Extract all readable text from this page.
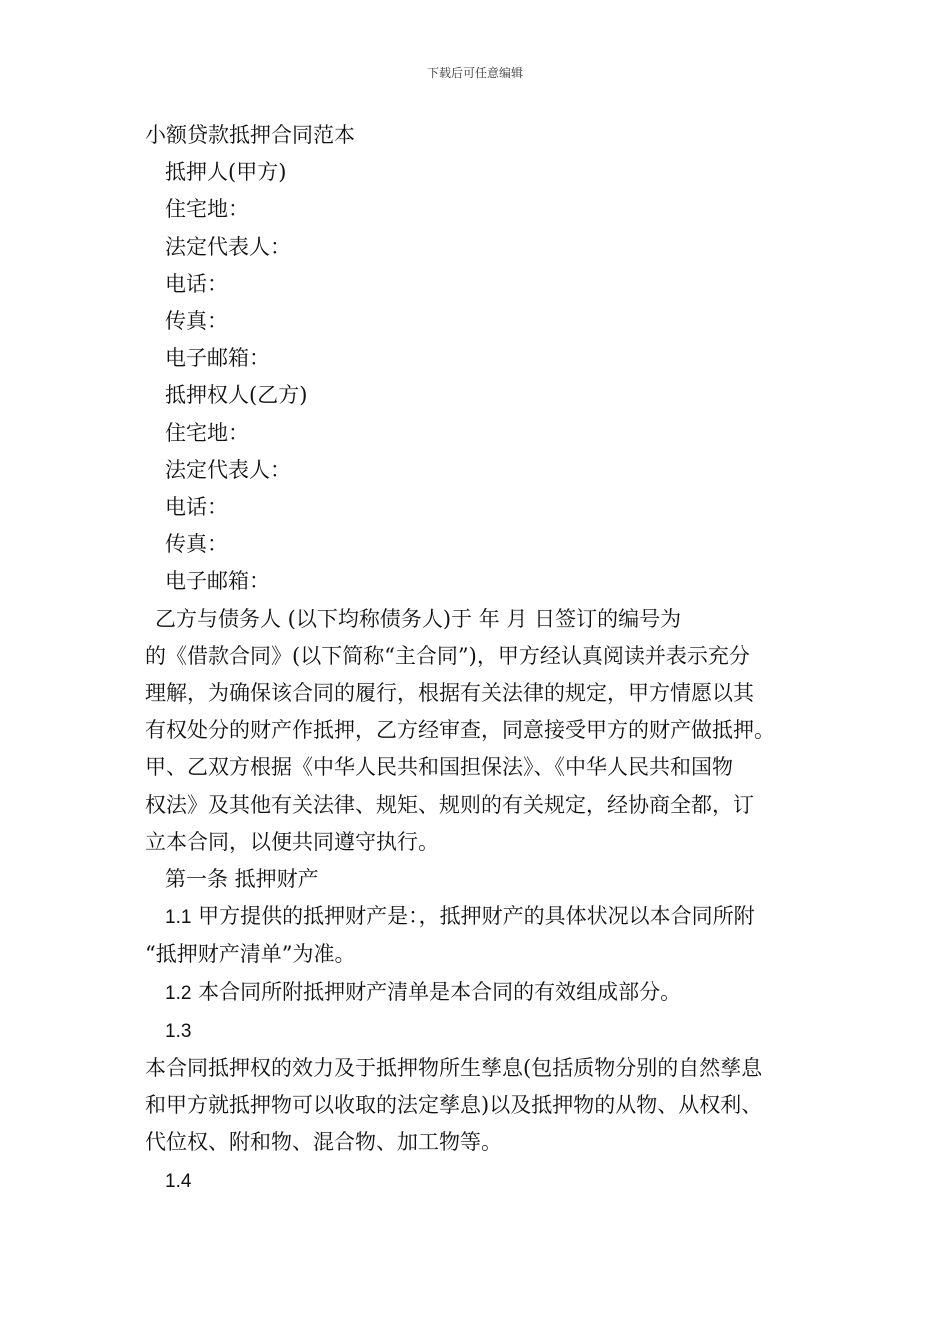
下载后可任意编辑
小额贷款抵押合同范本
抵押人(甲方)
住宅地：
法定代表人：
电话：
传真：
电子邮箱：
抵押权人(乙方)
住宅地：
法定代表人：
电话：
传真：
电子邮箱：
乙方与债务人 (以下均称债务人)于 年 月 日签订的编号为
的《借款合同》(以下简称“主合同”)，甲方经认真阅读并表示充分
理解，为确保该合同的履行，根据有关法律的规定，甲方情愿以其
有权处分的财产作抵押，乙方经审查，同意接受甲方的财产做抵押。
甲、乙双方根据《中华人民共和国担保法》、《中华人民共和国物
权法》及其他有关法律、规矩、规则的有关规定，经协商全都，订
立本合同，以便共同遵守执行。
第一条 抵押财产
1.1 甲方提供的抵押财产是：，抵押财产的具体状况以本合同所附
“抵押财产清单”为准。
1.2 本合同所附抵押财产清单是本合同的有效组成部分。
1.3
本合同抵押权的效力及于抵押物所生孳息(包括质物分别的自然孳息
和甲方就抵押物可以收取的法定孳息)以及抵押物的从物、从权利、
代位权、附和物、混合物、加工物等。
1.4
